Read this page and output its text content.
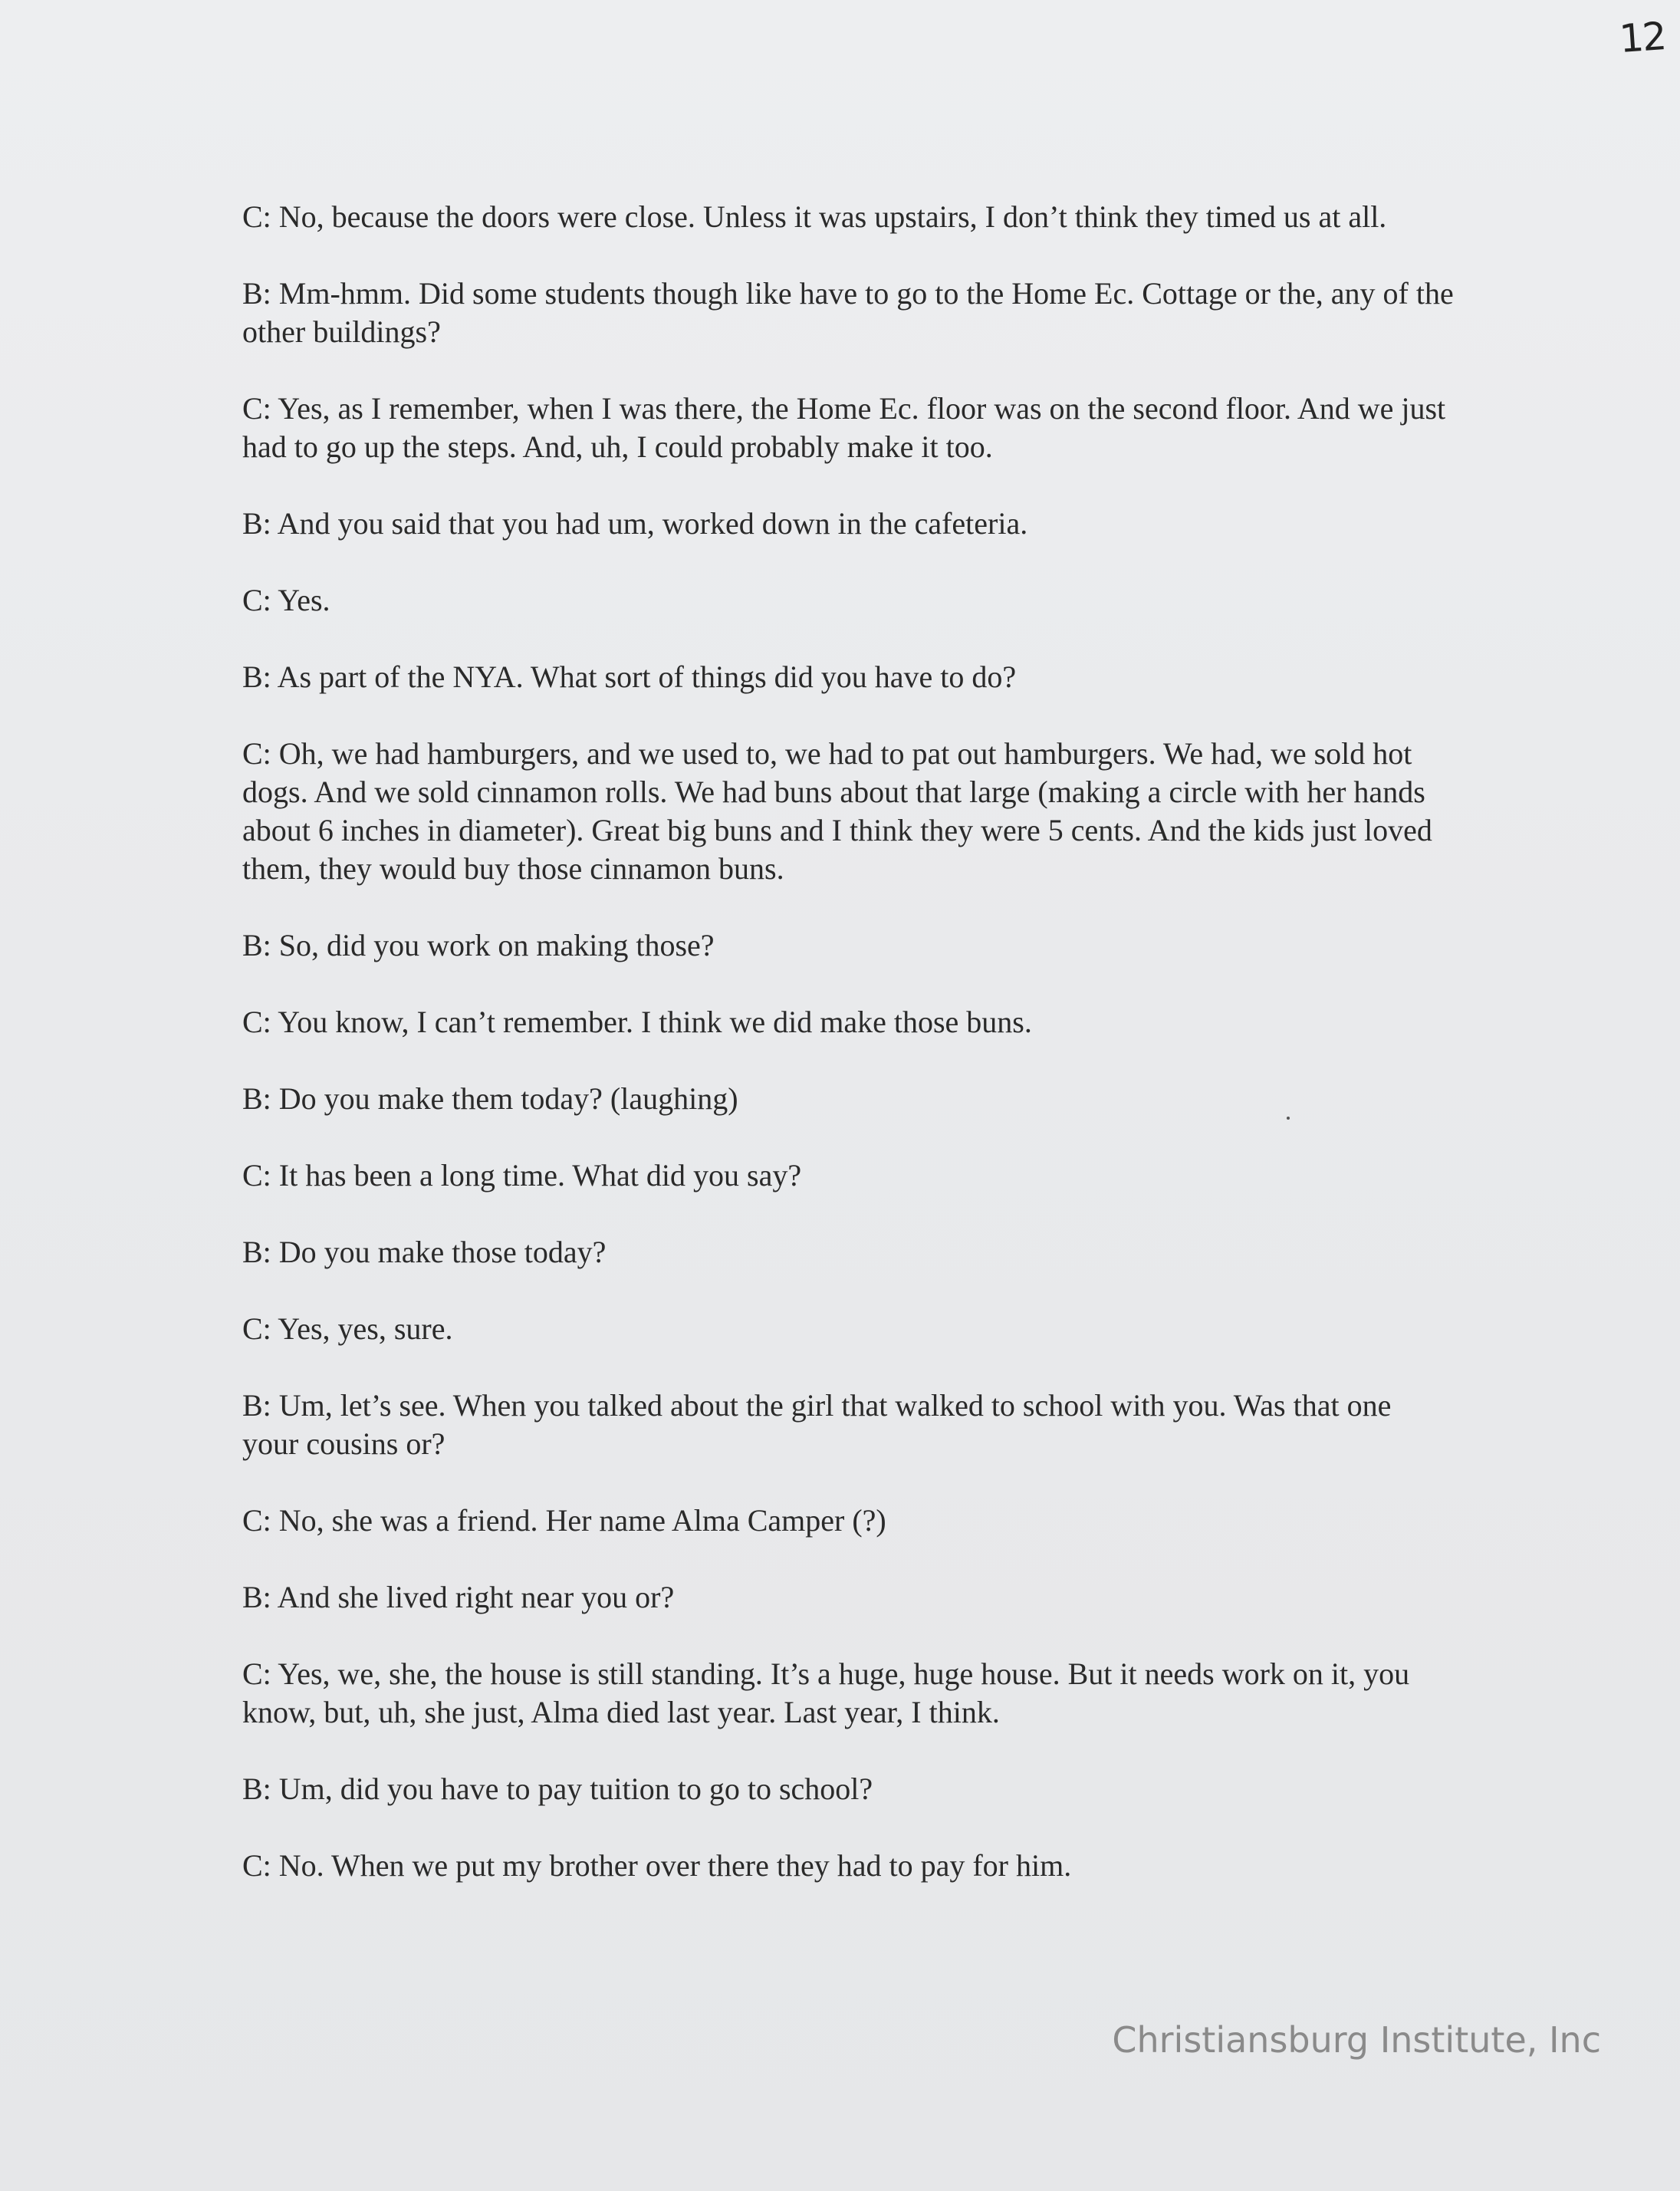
12

C: No, because the doors were close. Unless it was upstairs, I don’t think they timed us at all.

B: Mm-hmm. Did some students though like have to go to the Home Ec. Cottage or the, any of the other buildings?

C: Yes, as I remember, when I was there, the Home Ec. floor was on the second floor. And we just had to go up the steps. And, uh, I could probably make it too.

B: And you said that you had um, worked down in the cafeteria.

C: Yes.

B: As part of the NYA. What sort of things did you have to do?

C: Oh, we had hamburgers, and we used to, we had to pat out hamburgers. We had, we sold hot dogs. And we sold cinnamon rolls. We had buns about that large (making a circle with her hands about 6 inches in diameter). Great big buns and I think they were 5 cents. And the kids just loved them, they would buy those cinnamon buns.

B: So, did you work on making those?

C: You know, I can’t remember. I think we did make those buns.

B: Do you make them today? (laughing)

C: It has been a long time. What did you say?

B: Do you make those today?

C: Yes, yes, sure.

B: Um, let’s see. When you talked about the girl that walked to school with you. Was that one your cousins or?

C: No, she was a friend. Her name Alma Camper (?)

B: And she lived right near you or?

C: Yes, we, she, the house is still standing. It’s a huge, huge house. But it needs work on it, you know, but, uh, she just, Alma died last year. Last year, I think.

B: Um, did you have to pay tuition to go to school?

C: No. When we put my brother over there they had to pay for him.

Christiansburg Institute, Inc
